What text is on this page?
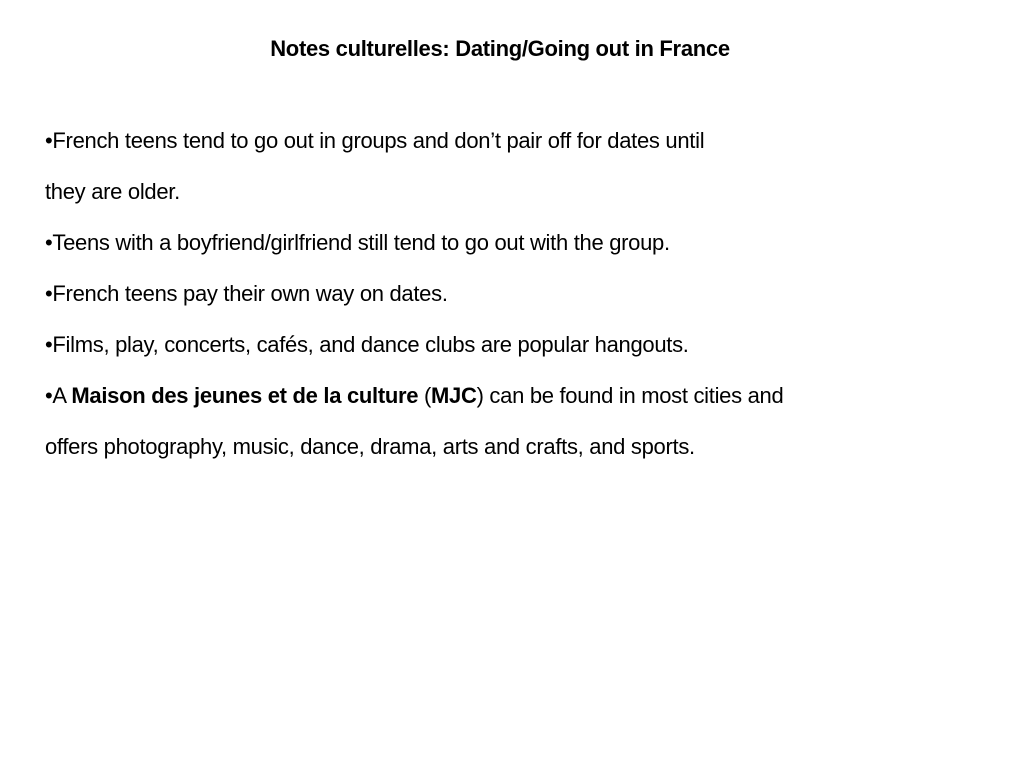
Notes culturelles: Dating/Going out in France
•French teens tend to go out in groups and don’t pair off for dates until
they are older.
•Teens with a boyfriend/girlfriend still tend to go out with the group.
•French teens pay their own way on dates.
•Films, play, concerts, cafés, and dance clubs are popular hangouts.
•A Maison des jeunes et de la culture (MJC) can be found in most cities and
offers photography, music, dance, drama, arts and crafts, and sports.
